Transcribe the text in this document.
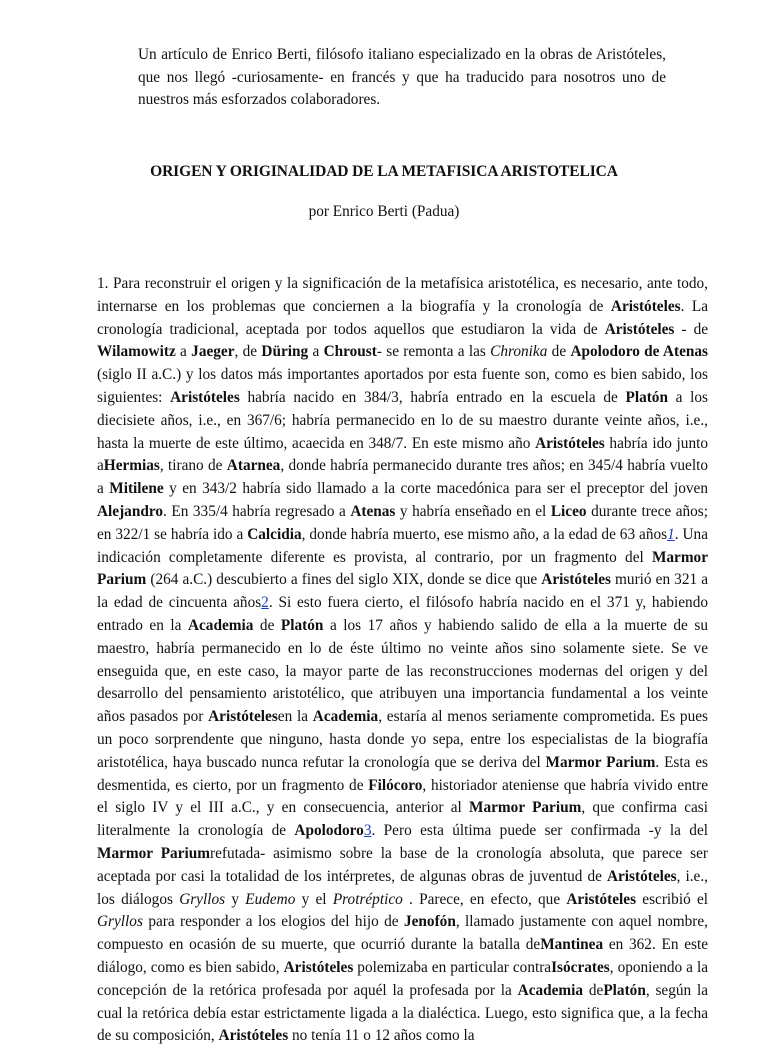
Un artículo de Enrico Berti, filósofo italiano especializado en la obras de Aristóteles, que nos llegó -curiosamente- en francés y que ha traducido para nosotros uno de nuestros más esforzados colaboradores.

ORIGEN Y ORIGINALIDAD DE LA METAFISICA ARISTOTELICA
por Enrico Berti (Padua)

1. Para reconstruir el origen y la significación de la metafísica aristotélica, es necesario, ante todo, internarse en los problemas que conciernen a la biografía y la cronología de Aristóteles. La cronología tradicional, aceptada por todos aquellos que estudiaron la vida de Aristóteles - de Wilamowitz a Jaeger, de Düring a Chroust- se remonta a las Chronika de Apolodoro de Atenas (siglo II a.C.) y los datos más importantes aportados por esta fuente son, como es bien sabido, los siguientes: Aristóteles habría nacido en 384/3, habría entrado en la escuela de Platón a los diecisiete años, i.e., en 367/6; habría permanecido en lo de su maestro durante veinte años, i.e., hasta la muerte de este último, acaecida en 348/7. En este mismo año Aristóteles habría ido junto aHermias, tirano de Atarnea, donde habría permanecido durante tres años; en 345/4 habría vuelto a Mitilene y en 343/2 habría sido llamado a la corte macedónica para ser el preceptor del joven Alejandro. En 335/4 habría regresado a Atenas y habría enseñado en el Liceo durante trece años; en 322/1 se habría ido a Calcidia, donde habría muerto, ese mismo año, a la edad de 63 años1. Una indicación completamente diferente es provista, al contrario, por un fragmento del Marmor Parium (264 a.C.) descubierto a fines del siglo XIX, donde se dice que Aristóteles murió en 321 a la edad de cincuenta años2. Si esto fuera cierto, el filósofo habría nacido en el 371 y, habiendo entrado en la Academia de Platón a los 17 años y habiendo salido de ella a la muerte de su maestro, habría permanecido en lo de éste último no veinte años sino solamente siete. Se ve enseguida que, en este caso, la mayor parte de las reconstrucciones modernas del origen y del desarrollo del pensamiento aristotélico, que atribuyen una importancia fundamental a los veinte años pasados por Aristótelesen la Academia, estaría al menos seriamente comprometida. Es pues un poco sorprendente que ninguno, hasta donde yo sepa, entre los especialistas de la biografía aristotélica, haya buscado nunca refutar la cronología que se deriva del Marmor Parium. Esta es desmentida, es cierto, por un fragmento de Filócoro, historiador ateniense que habría vivido entre el siglo IV y el III a.C., y en consecuencia, anterior al Marmor Parium, que confirma casi literalmente la cronología de Apolodoro3. Pero esta última puede ser confirmada -y la del Marmor Pariumrefutada- asimismo sobre la base de la cronología absoluta, que parece ser aceptada por casi la totalidad de los intérpretes, de algunas obras de juventud de Aristóteles, i.e., los diálogos Gryllos y Eudemo y el Protréptico . Parece, en efecto, que Aristóteles escribió el Gryllos para responder a los elogios del hijo de Jenofón, llamado justamente con aquel nombre, compuesto en ocasión de su muerte, que ocurrió durante la batalla deMantinea en 362. En este diálogo, como es bien sabido, Aristóteles polemizaba en particular contraIsócrates, oponiendo a la concepción de la retórica profesada por aquél la profesada por la Academia dePlatón, según la cual la retórica debía estar estrictamente ligada a la dialéctica. Luego, esto significa que, a la fecha de su composición, Aristóteles no tenía 11 o 12 años como la
